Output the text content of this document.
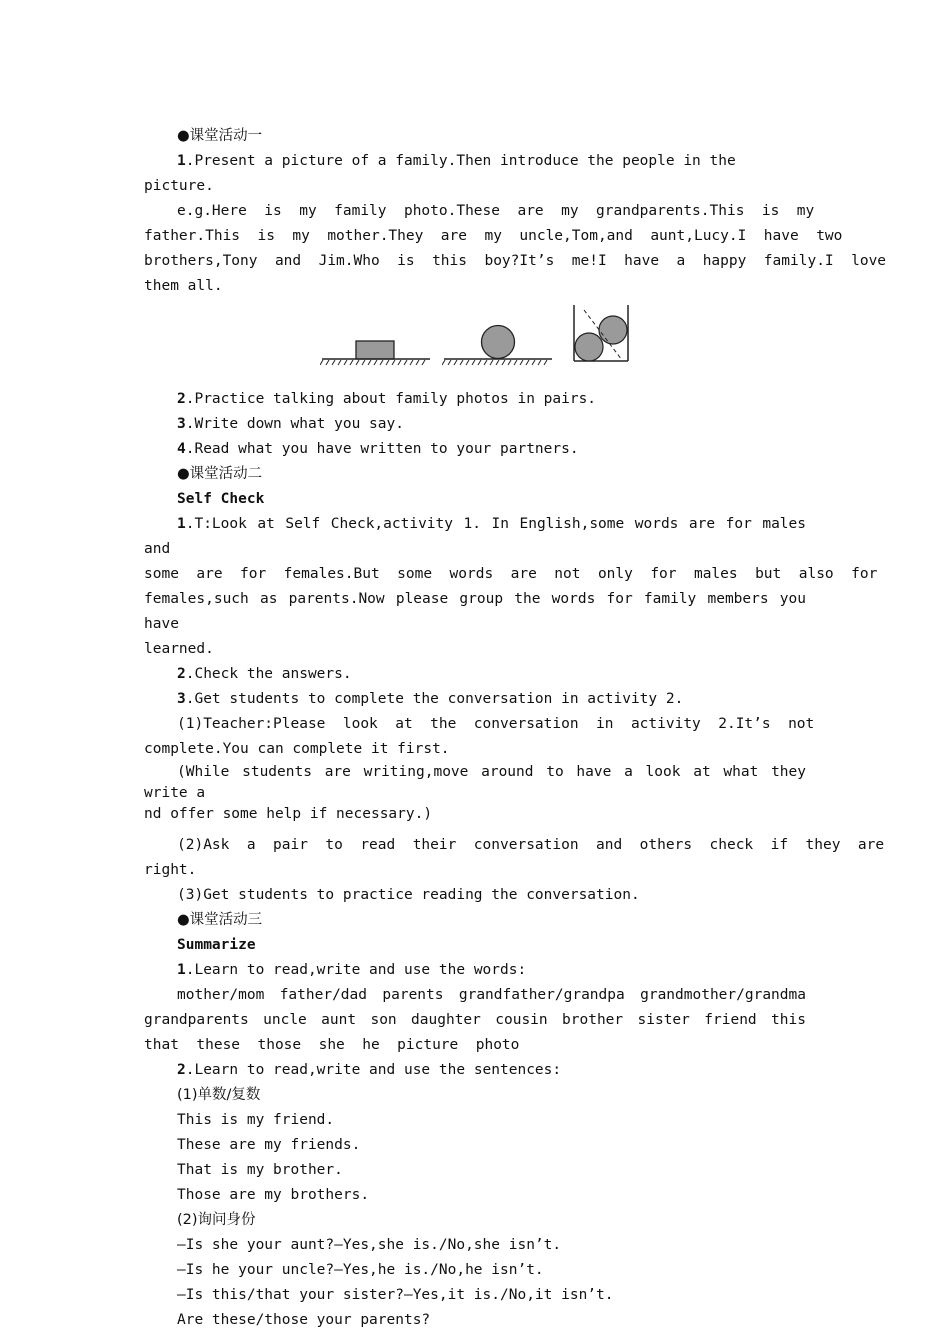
●课堂活动一

1.Present a picture of a family.Then introduce the people in the picture.

e.g.Here  is  my  family  photo.These  are  my  grandparents.This  is  my

father.This  is  my  mother.They  are  my  uncle,Tom,and  aunt,Lucy.I  have  two

brothers,Tony  and  Jim.Who  is  this  boy?It’s  me!I  have  a  happy  family.I  love

them all.

2.Practice talking about family photos in pairs.

3.Write down what you say.

4.Read what you have written to your partners.

●课堂活动二

Self Check

1.T:Look at Self Check,activity 1. In English,some words are for males and

some  are  for  females.But  some  words  are  not  only  for  males  but  also  for

females,such as parents.Now please group the words for family members you have

learned.

2.Check the answers.

3.Get students to complete the conversation in activity 2.

(1)Teacher:Please  look  at  the  conversation  in  activity  2.It’s  not

complete.You can complete it first.

(While students are writing,move around to have a look at what they write a

nd offer some help if necessary.)

(2)Ask  a  pair  to  read  their  conversation  and  others  check  if  they  are

right.

(3)Get students to practice reading the conversation.

●课堂活动三

Summarize

1.Learn to read,write and use the words:

mother/mom father/dad parents grandfather/grandpa grandmother/grandma
grandparents uncle aunt son daughter cousin brother sister friend this

that  these  those  she  he  picture  photo

2.Learn to read,write and use the sentences:

(1)单数/复数

This is my friend.

These are my friends.

That is my brother.

Those are my brothers.

(2)询问身份

—Is she your aunt?—Yes,she is./No,she isn’t.

—Is he your uncle?—Yes,he is./No,he isn’t.

—Is this/that your sister?—Yes,it is./No,it isn’t.

Are these/those your parents?
